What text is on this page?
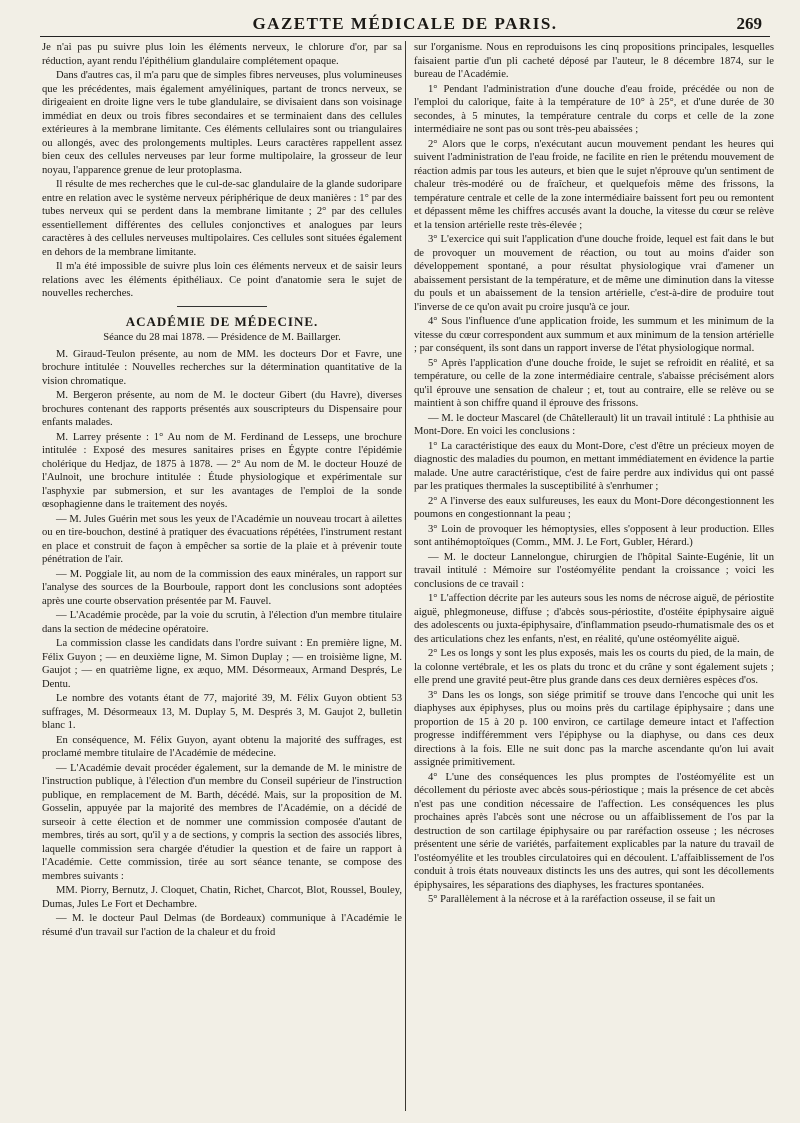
GAZETTE MÉDICALE DE PARIS.	269

Je n'ai pas pu suivre plus loin les éléments nerveux, le chlorure d'or, par sa réduction, ayant rendu l'épithélium glandulaire complétement opaque.

Dans d'autres cas, il m'a paru que de simples fibres nerveuses, plus volumineuses que les précédentes, mais également amyéliniques, partant de troncs nerveux, se dirigeaient en droite ligne vers le tube glandulaire, se divisaient dans son voisinage immédiat en deux ou trois fibres secondaires et se terminaient dans des cellules extérieures à la membrane limitante. Ces éléments cellulaires sont ou triangulaires ou allongés, avec des prolongements multiples. Leurs caractères rappellent assez bien ceux des cellules nerveuses par leur forme multipolaire, la grosseur de leur noyau, l'apparence grenue de leur protoplasma.

Il résulte de mes recherches que le cul-de-sac glandulaire de la glande sudoripare entre en relation avec le système nerveux périphérique de deux manières : 1° par des tubes nerveux qui se perdent dans la membrane limitante ; 2° par des cellules essentiellement différentes des cellules conjonctives et analogues par leurs caractères à des cellules nerveuses multipolaires. Ces cellules sont situées également en dehors de la membrane limitante.

Il m'a été impossible de suivre plus loin ces éléments nerveux et de saisir leurs relations avec les éléments épithéliaux. Ce point d'anatomie sera le sujet de nouvelles recherches.

ACADÉMIE DE MÉDECINE.
Séance du 28 mai 1878. — Présidence de M. Baillarger.

M. Giraud-Teulon présente, au nom de MM. les docteurs Dor et Favre, une brochure intitulée : Nouvelles recherches sur la détermination quantitative de la vision chromatique.

M. Bergeron présente, au nom de M. le docteur Gibert (du Havre), diverses brochures contenant des rapports présentés aux souscripteurs du Dispensaire pour enfants malades.

M. Larrey présente : 1° Au nom de M. Ferdinand de Lesseps, une brochure intitulée : Exposé des mesures sanitaires prises en Égypte contre l'épidémie cholérique du Hedjaz, de 1875 à 1878. — 2° Au nom de M. le docteur Houzé de l'Aulnoit, une brochure intitulée : Étude physiologique et expérimentale sur l'asphyxie par submersion, et sur les avantages de l'emploi de la sonde œsophagienne dans le traitement des noyés.

— M. Jules Guérin met sous les yeux de l'Académie un nouveau trocart à ailettes ou en tire-bouchon, destiné à pratiquer des évacuations répétées, l'instrument restant en place et construit de façon à empêcher sa sortie de la plaie et à prévenir toute pénétration de l'air.

— M. Poggiale lit, au nom de la commission des eaux minérales, un rapport sur l'analyse des sources de la Bourboule, rapport dont les conclusions sont adoptées après une courte observation présentée par M. Fauvel.

— L'Académie procède, par la voie du scrutin, à l'élection d'un membre titulaire dans la section de médecine opératoire.

La commission classe les candidats dans l'ordre suivant : En première ligne, M. Félix Guyon ; — en deuxième ligne, M. Simon Duplay ; — en troisième ligne, M. Gaujot ; — en quatrième ligne, ex æquo, MM. Désormeaux, Armand Després, Le Dentu.

Le nombre des votants étant de 77, majorité 39, M. Félix Guyon obtient 53 suffrages, M. Désormeaux 13, M. Duplay 5, M. Després 3, M. Gaujot 2, bulletin blanc 1.

En conséquence, M. Félix Guyon, ayant obtenu la majorité des suffrages, est proclamé membre titulaire de l'Académie de médecine.

— L'Académie devait procéder également, sur la demande de M. le ministre de l'instruction publique, à l'élection d'un membre du Conseil supérieur de l'instruction publique, en remplacement de M. Barth, décédé. Mais, sur la proposition de M. Gosselin, appuyée par la majorité des membres de l'Académie, on a décidé de surseoir à cette élection et de nommer une commission composée d'autant de membres, tirés au sort, qu'il y a de sections, y compris la section des associés libres, laquelle commission sera chargée d'étudier la question et de faire un rapport à l'Académie. Cette commission, tirée au sort séance tenante, se compose des membres suivants :

MM. Piorry, Bernutz, J. Cloquet, Chatin, Richet, Charcot, Blot, Roussel, Bouley, Dumas, Jules Le Fort et Dechambre.

— M. le docteur Paul Delmas (de Bordeaux) communique à l'Académie le résumé d'un travail sur l'action de la chaleur et du froid

sur l'organisme. Nous en reproduisons les cinq propositions principales, lesquelles faisaient partie d'un pli cacheté déposé par l'auteur, le 8 décembre 1874, sur le bureau de l'Académie.

1° Pendant l'administration d'une douche d'eau froide, précédée ou non de l'emploi du calorique, faite à la température de 10° à 25°, et d'une durée de 30 secondes, à 5 minutes, la température centrale du corps et celle de la zone intermédiaire ne sont pas ou sont très-peu abaissées ;

2° Alors que le corps, n'exécutant aucun mouvement pendant les heures qui suivent l'administration de l'eau froide, ne facilite en rien le prétendu mouvement de réaction admis par tous les auteurs, et bien que le sujet n'éprouve qu'un sentiment de chaleur très-modéré ou de fraîcheur, et quelquefois même des frissons, la température centrale et celle de la zone intermédiaire baissent fort peu ou remontent et dépassent même les chiffres accusés avant la douche, la vitesse du cœur se relève et la tension artérielle reste très-élevée ;

3° L'exercice qui suit l'application d'une douche froide, lequel est fait dans le but de provoquer un mouvement de réaction, ou tout au moins d'aider son développement spontané, a pour résultat physiologique vrai d'amener un abaissement persistant de la température, et de même une diminution dans la vitesse du pouls et un abaissement de la tension artérielle, c'est-à-dire de produire tout l'inverse de ce qu'on avait pu croire jusqu'à ce jour.

4° Sous l'influence d'une application froide, les summum et les minimum de la vitesse du cœur correspondent aux summum et aux minimum de la tension artérielle ; par conséquent, ils sont dans un rapport inverse de l'état physiologique normal.

5° Après l'application d'une douche froide, le sujet se refroidit en réalité, et sa température, ou celle de la zone intermédiaire centrale, s'abaisse précisément alors qu'il éprouve une sensation de chaleur ; et, tout au contraire, elle se relève ou se maintient à son chiffre quand il éprouve des frissons.

— M. le docteur Mascarel (de Châtellerault) lit un travail intitulé : La phthisie au Mont-Dore. En voici les conclusions :

1° La caractéristique des eaux du Mont-Dore, c'est d'être un précieux moyen de diagnostic des maladies du poumon, en mettant immédiatement en évidence la partie malade. Une autre caractéristique, c'est de faire perdre aux individus qui ont passé par les pratiques thermales la susceptibilité à s'enrhumer ;

2° A l'inverse des eaux sulfureuses, les eaux du Mont-Dore décongestionnent les poumons en congestionnant la peau ;

3° Loin de provoquer les hémoptysies, elles s'opposent à leur production. Elles sont antihémoptoïques (Comm., MM. J. Le Fort, Gubler, Hérard.)

— M. le docteur Lannelongue, chirurgien de l'hôpital Sainte-Eugénie, lit un travail intitulé : Mémoire sur l'ostéomyélite pendant la croissance ; voici les conclusions de ce travail :

1° L'affection décrite par les auteurs sous les noms de nécrose aiguë, de périostite aiguë, phlegmoneuse, diffuse ; d'abcès sous-périostite, d'ostéite épiphysaire aiguë des adolescents ou juxta-épiphysaire, d'inflammation pseudo-rhumatismale des os et des articulations chez les enfants, n'est, en réalité, qu'une ostéomyélite aiguë.

2° Les os longs y sont les plus exposés, mais les os courts du pied, de la main, de la colonne vertébrale, et les os plats du tronc et du crâne y sont également sujets ; elle prend une gravité peut-être plus grande dans ces deux dernières espèces d'os.

3° Dans les os longs, son siége primitif se trouve dans l'encoche qui unit les diaphyses aux épiphyses, plus ou moins près du cartilage épiphysaire ; dans une proportion de 15 à 20 p. 100 environ, ce cartilage demeure intact et l'affection progresse indifféremment vers l'épiphyse ou la diaphyse, ou dans ces deux directions à la fois. Elle ne suit donc pas la marche ascendante qu'on lui avait assignée primitivement.

4° L'une des conséquences les plus promptes de l'ostéomyélite est un décollement du périoste avec abcès sous-périostique ; mais la présence de cet abcès n'est pas une condition nécessaire de l'affection. Les conséquences les plus prochaines après l'abcès sont une nécrose ou un affaiblissement de l'os par la destruction de son cartilage épiphysaire ou par raréfaction osseuse ; les nécroses présentent une série de variétés, parfaitement explicables par la nature du travail de l'ostéomyélite et les troubles circulatoires qui en découlent. L'affaiblissement de l'os conduit à trois états nouveaux distincts les uns des autres, qui sont les décollements épiphysaires, les séparations des diaphyses, les fractures spontanées.

5° Parallèlement à la nécrose et à la raréfaction osseuse, il se fait un
